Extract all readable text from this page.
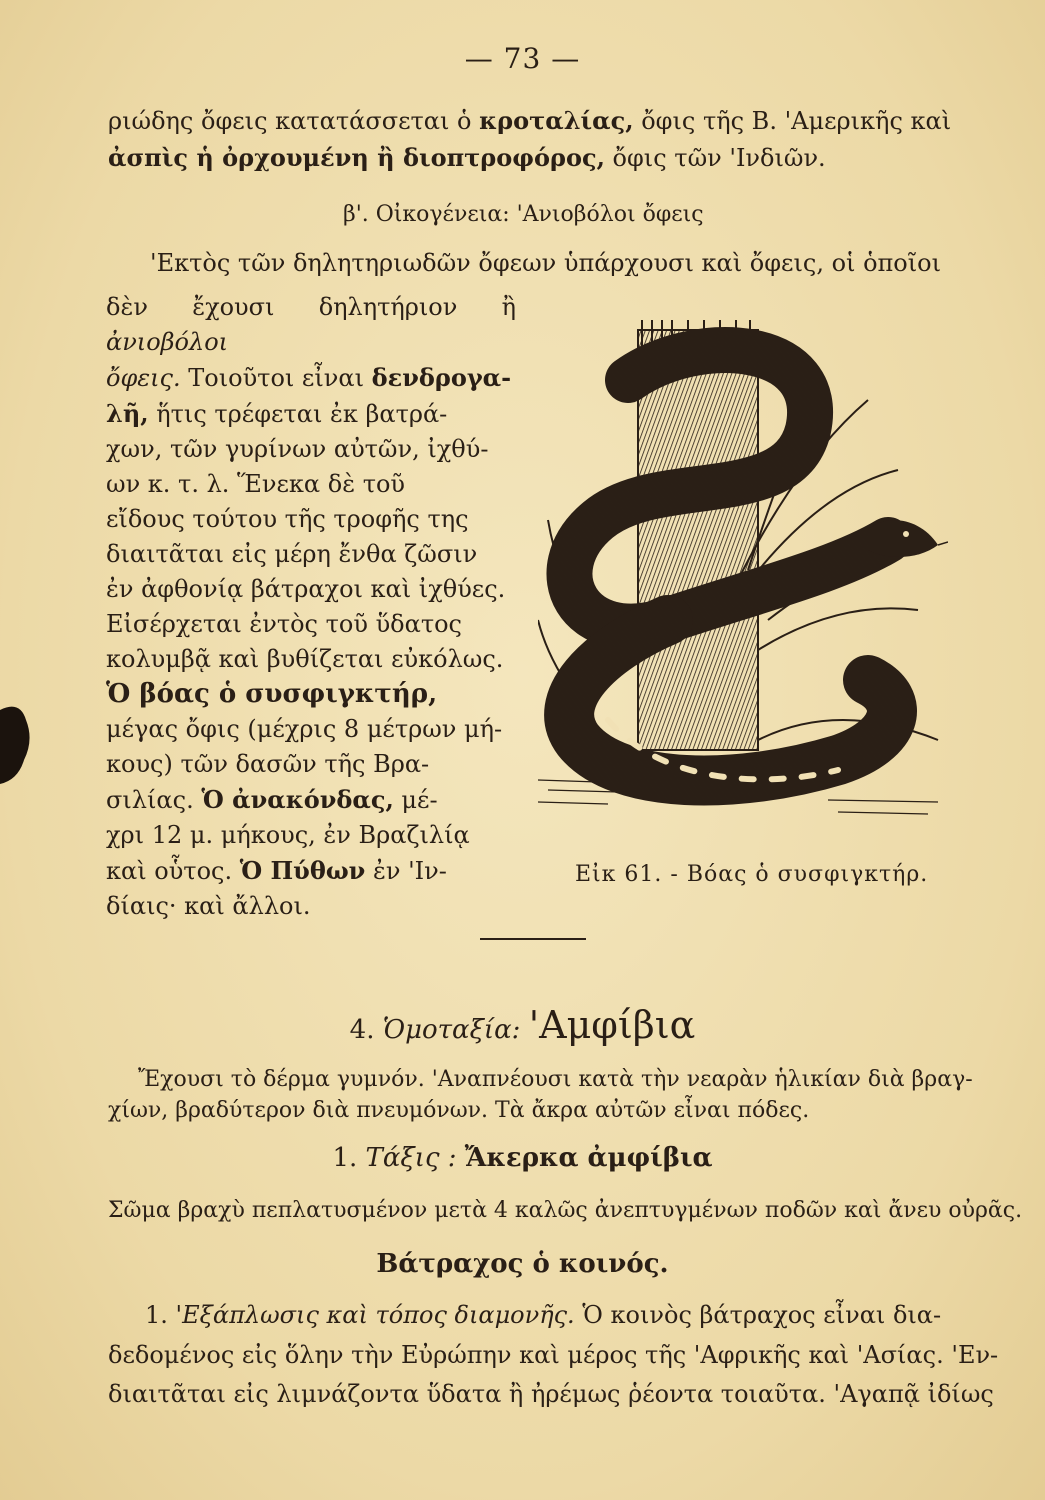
— 73 —
ριώδης ὄφεις κατατάσσεται ὁ κροταλίας, ὄφις τῆς Β. 'Αμερικῆς καὶ
ἀσπὶς ἡ ὀρχουμένη ἢ διοπτροφόρος, ὄφις τῶν 'Ινδιῶν.
β'. Οἰκογένεια: 'Ανιοβόλοι ὄφεις
'Εκτὸς τῶν δηλητηριωδῶν ὄφεων ὑπάρχουσι καὶ ὄφεις, οἱ ὁποῖοι

δὲν ἔχουσι δηλητήριον ἢ ἀνιοβόλοι

ὄφεις. Τοιοῦτοι εἶναι δενδρογα-

λῆ, ἥτις τρέφεται ἐκ βατρά-

χων, τῶν γυρίνων αὐτῶν, ἰχθύ-

ων κ. τ. λ. Ἕνεκα δὲ τοῦ

εἴδους τούτου τῆς τροφῆς της

διαιτᾶται εἰς μέρη ἔνθα ζῶσιν

ἐν ἀφθονίᾳ βάτραχοι καὶ ἰχθύες.

Εἰσέρχεται ἐντὸς τοῦ ὕδατος

κολυμβᾷ καὶ βυθίζεται εὐκόλως.

Ὁ βόας ὁ συσφιγκτήρ,

μέγας ὄφις (μέχρις 8 μέτρων μή-

κους) τῶν δασῶν τῆς Βρα-

σιλίας. Ὁ ἀνακόνδας, μέ-

χρι 12 μ. μήκους, ἐν Βραζιλίᾳ

καὶ οὗτος. Ὁ Πύθων ἐν 'Ιν-

δίαις· καὶ ἄλλοι.

Εἰκ 61. - Βόας ὁ συσφιγκτήρ.
4. Ὁμοταξία: 'Αμφίβια
Ἔχουσι τὸ δέρμα γυμνόν. 'Αναπνέουσι κατὰ τὴν νεαρὰν ἡλικίαν διὰ βραγ-
χίων, βραδύτερον διὰ πνευμόνων. Τὰ ἄκρα αὐτῶν εἶναι πόδες.
1. Τάξις : Ἄκερκα ἀμφίβια
Σῶμα βραχὺ πεπλατυσμένον μετὰ 4 καλῶς ἀνεπτυγμένων ποδῶν καὶ ἄνευ οὐρᾶς.
Βάτραχος ὁ κοινός.
1. 'Εξάπλωσις καὶ τόπος διαμονῆς. Ὁ κοινὸς βάτραχος εἶναι δια-
δεδομένος εἰς ὅλην τὴν Εὐρώπην καὶ μέρος τῆς 'Αφρικῆς καὶ 'Ασίας. 'Εν-
διαιτᾶται εἰς λιμνάζοντα ὕδατα ἢ ἠρέμως ῥέοντα τοιαῦτα. 'Αγαπᾷ ἰδίως
